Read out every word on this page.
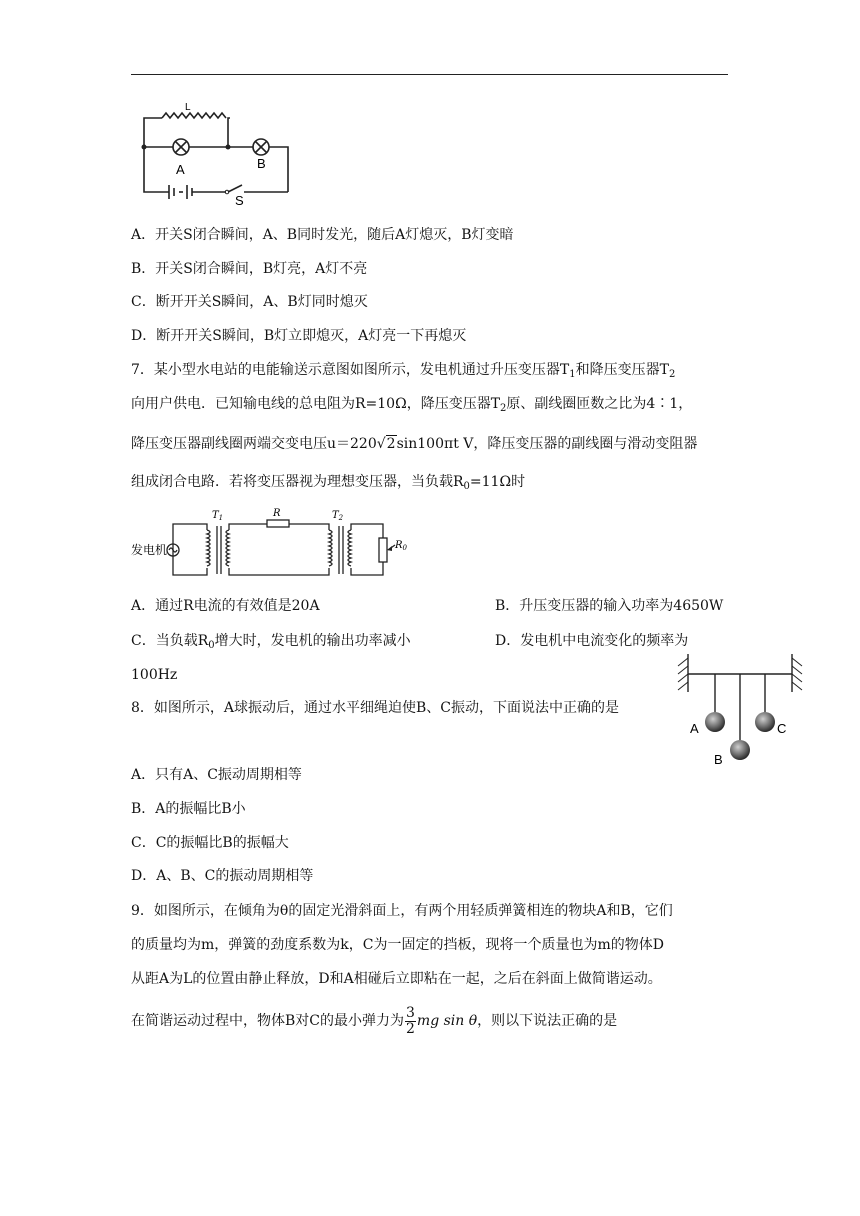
L
A	B
S
A．开关S闭合瞬间，A、B同时发光，随后A灯熄灭，B灯变暗
B．开关S闭合瞬间，B灯亮，A灯不亮
C．断开开关S瞬间，A、B灯同时熄灭
D．断开开关S瞬间，B灯立即熄灭，A灯亮一下再熄灭
7．某小型水电站的电能输送示意图如图所示，发电机通过升压变压器$T_1$和降压变压器$T_2$
向用户供电．已知输电线的总电阻为R=10Ω，降压变压器$T_2$原、副线圈匝数之比为4∶1，
降压变压器副线圈两端交变电压u＝220√2sin100πt V，降压变压器的副线圈与滑动变阻器
组成闭合电路．若将变压器视为理想变压器，当负载$R_0=11\Omega$时
发电机
$T_1$	R	$T_2$
$R_0$
A．通过R电流的有效值是20A	B．升压变压器的输入功率为4650W
C．当负载$R_0$增大时，发电机的输出功率减小	D．发电机中电流变化的频率为
100Hz
A
B
C
8．如图所示，A球振动后，通过水平细绳迫使B、C振动，下面说法中正确的是
A．只有A、C振动周期相等
B．A的振幅比B小
C．C的振幅比B的振幅大
D．A、B、C的振动周期相等
9．如图所示，在倾角为θ的固定光滑斜面上，有两个用轻质弹簧相连的物块A和B，它们
的质量均为m，弹簧的劲度系数为k，C为一固定的挡板，现将一个质量也为m的物体D
从距A为L的位置由静止释放，D和A相碰后立即粘在一起，之后在斜面上做简谐运动。
在简谐运动过程中，物体B对C的最小弹力为 $\frac{3}{2}$ mg sin θ，则以下说法正确的是
